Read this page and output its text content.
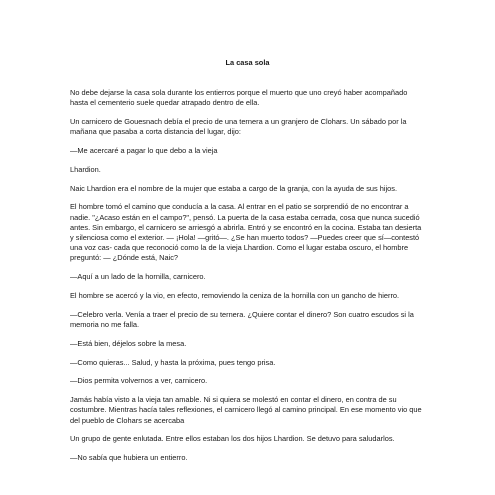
La casa sola

No debe dejarse la casa sola durante los entierros porque el muerto que uno creyó haber acompañado hasta el cementerio suele quedar atrapado dentro de ella.

Un carnicero de Gouesnach debía el precio de una ternera a un granjero de Clohars. Un sábado por la mañana que pasaba a corta distancia del lugar, dijo:

—Me acercaré a pagar lo que debo a la vieja

Lhardion.

Naic Lhardion era el nombre de la mujer que estaba a cargo de la granja, con la ayuda de sus hijos.

El hombre tomó el camino que conducía a la casa. Al entrar en el patio se sorprendió de no encontrar a nadie. "¿Acaso están en el campo?", pensó. La puerta de la casa estaba cerrada, cosa que nunca sucedió antes. Sin embargo, el carnicero se arriesgó a abrirla. Entró y se encontró en la cocina. Estaba tan desierta y silenciosa como el exterior. — ¡Hola! —gritó—. ¿Se han muerto todos? —Puedes creer que sí—contestó una voz cas- cada que reconoció como la de la vieja Lhardion. Como el lugar estaba oscuro, el hombre preguntó: — ¿Dónde está, Naic?

—Aquí a un lado de la hornilla, carnicero.

El hombre se acercó y la vio, en efecto, removiendo la ceniza de la hornilla con un gancho de hierro.

—Celebro verla. Venía a traer el precio de su ternera. ¿Quiere contar el dinero? Son cuatro escudos si la memoria no me falla.

—Está bien, déjelos sobre la mesa.

—Como quieras... Salud, y hasta la próxima, pues tengo prisa.

—Dios permita volvernos a ver, carnicero.

Jamás había visto a la vieja tan amable. Ni si quiera se molestó en contar el dinero, en contra de su costumbre. Mientras hacía tales reflexiones, el carnicero llegó al camino principal. En ese momento vio que del pueblo de Clohars se acercaba

Un grupo de gente enlutada. Entre ellos estaban los dos hijos Lhardion. Se detuvo para saludarlos.

—No sabía que hubiera un entierro.
